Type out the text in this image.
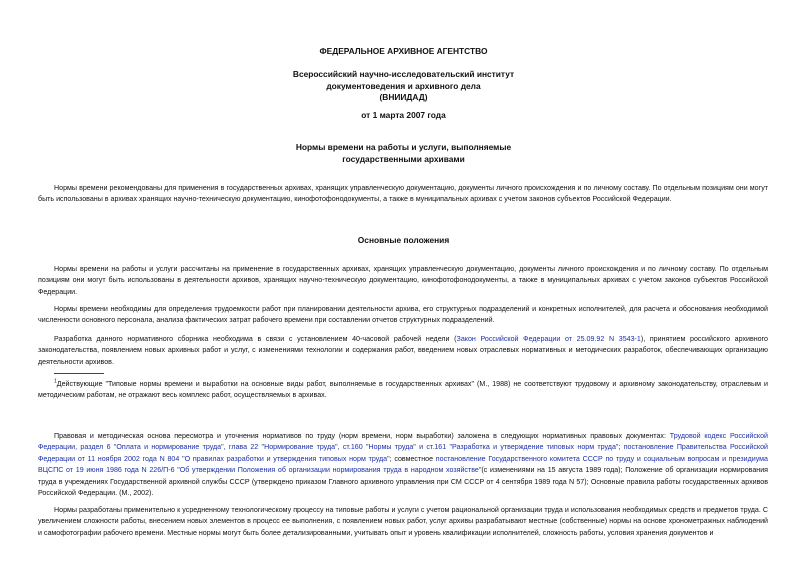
ФЕДЕРАЛЬНОЕ АРХИВНОЕ АГЕНТСТВО
Всероссийский научно-исследовательский институт
документоведения и архивного дела
(ВНИИДАД)
от 1 марта 2007 года
Нормы времени на работы и услуги, выполняемые
государственными архивами

Нормы времени рекомендованы для применения в государственных архивах, хранящих управленческую документацию, документы личного происхождения и по личному составу. По отдельным позициям они могут быть использованы в архивах хранящих научно-техническую документацию, кинофотофонодокументы, а также в муниципальных архивах с учетом законов субъектов Российской Федерации.

Основные положения

Нормы времени на работы и услуги рассчитаны на применение в государственных архивах, хранящих управленческую документацию, документы личного происхождения и по личному составу. По отдельным позициям они могут быть использованы в деятельности архивов, хранящих научно-техническую документацию, кинофотофонодокументы, а также в муниципальных архивах с учетом законов субъектов Российской Федерации.

Нормы времени необходимы для определения трудоемкости работ при планировании деятельности архива, его структурных подразделений и конкретных исполнителей, для расчета и обоснования необходимой численности основного персонала, анализа фактических затрат рабочего времени при составлении отчетов структурных подразделений.

Разработка данного нормативного сборника необходима в связи с установлением 40-часовой рабочей недели (Закон Российской Федерации от 25.09.92 N 3543-1), принятием российского архивного законодательства, появлением новых архивных работ и услуг, с изменениями технологии и содержания работ, введением новых отраслевых нормативных и методических разработок, обеспечивающих организацию деятельности архивов.

$^1$Действующие "Типовые нормы времени и выработки на основные виды работ, выполняемые в государственных архивах" (М., 1988) не соответствуют трудовому и архивному законодательству, отраслевым и методическим работам, не отражают весь комплекс работ, осуществляемых в архивах.

Правовая и методическая основа пересмотра и уточнения нормативов по труду (норм времени, норм выработки) заложена в следующих нормативных правовых документах: Трудовой кодекс Российской Федерации, раздел 6 "Оплата и нормирование труда", глава 22 "Нормирование труда", ст.160 "Нормы труда" и ст.161 "Разработка и утверждение типовых норм труда"; постановление Правительства Российской Федерации от 11 ноября 2002 года N 804 "О правилах разработки и утверждения типовых норм труда"; совместное постановление Государственного комитета СССР по труду и социальным вопросам и президиума ВЦСПС от 19 июня 1986 года N 226/П-6 "Об утверждении Положения об организации нормирования труда в народном хозяйстве"(с изменениями на 15 августа 1989 года); Положение об организации нормирования труда в учреждениях Государственной архивной службы СССР (утверждено приказом Главного архивного управления при СМ СССР от 4 сентября 1989 года N 57); Основные правила работы государственных архивов Российской Федерации. (М., 2002).

Нормы разработаны применительно к усредненному технологическому процессу на типовые работы и услуги с учетом рациональной организации труда и использования необходимых средств и предметов труда. С увеличением сложности работы, внесением новых элементов в процесс ее выполнения, с появлением новых работ, услуг архивы разрабатывают местные (собственные) нормы на основе хронометражных наблюдений и самофотографии рабочего времени. Местные нормы могут быть более детализированными, учитывать опыт и уровень квалификации исполнителей, сложность работы, условия хранения документов и
